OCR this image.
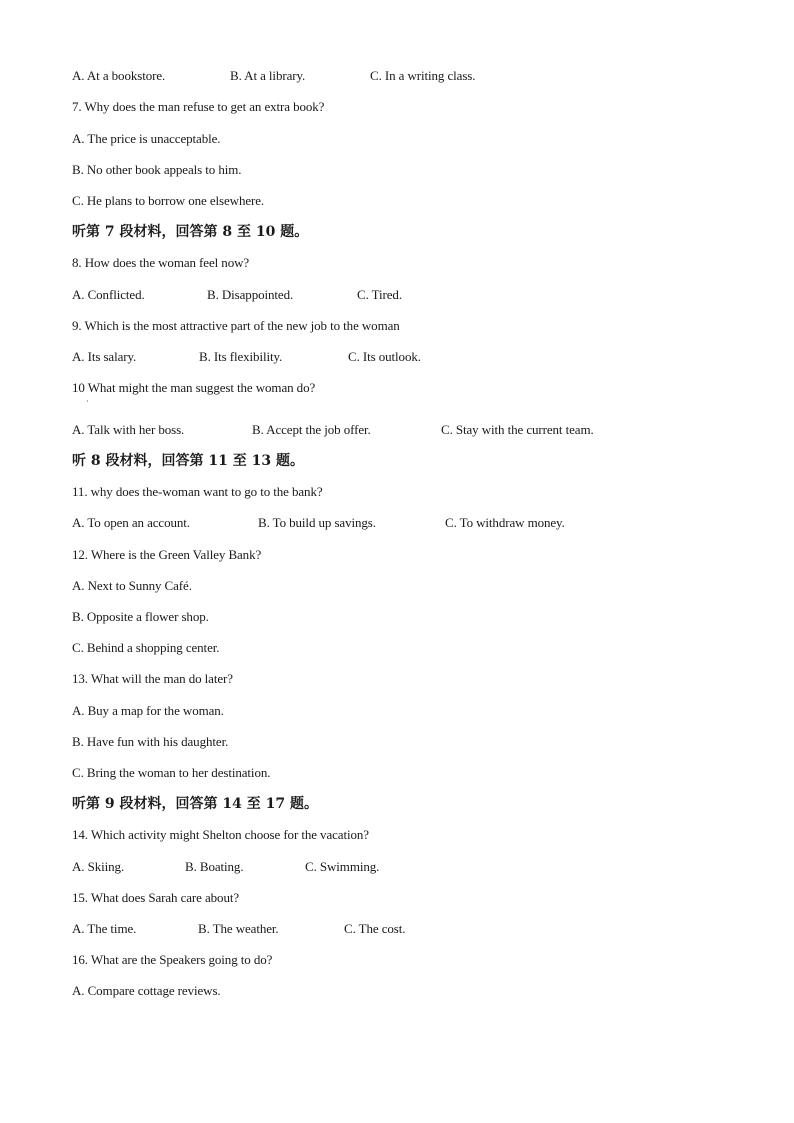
A. At a bookstore.	B. At a library.	C. In a writing class.
7. Why does the man refuse to get an extra book?
A. The price is unacceptable.
B. No other book appeals to him.
C. He plans to borrow one elsewhere.
听第 7 段材料，回答第 8 至 10 题。
8. How does the woman feel now?
A. Conflicted.	B. Disappointed.	C. Tired.
9. Which is the most attractive part of the new job to the woman
A. Its salary.	B. Its flexibility.	C. Its outlook.
10 What might the man suggest the woman do?
·
A. Talk with her boss.	B. Accept the job offer.	C. Stay with the current team.
听 8 段材料，回答第 11 至 13 题。
11. why does the-woman want to go to the bank?
A. To open an account.	B. To build up savings.	C. To withdraw money.
12. Where is the Green Valley Bank?
A. Next to Sunny Café.
B. Opposite a flower shop.
C. Behind a shopping center.
13. What will the man do later?
A. Buy a map for the woman.
B. Have fun with his daughter.
C. Bring the woman to her destination.
听第 9 段材料，回答第 14 至 17 题。
14. Which activity might Shelton choose for the vacation?
A. Skiing.	B. Boating.	C. Swimming.
15. What does Sarah care about?
A. The time.	B. The weather.	C. The cost.
16. What are the Speakers going to do?
A. Compare cottage reviews.
